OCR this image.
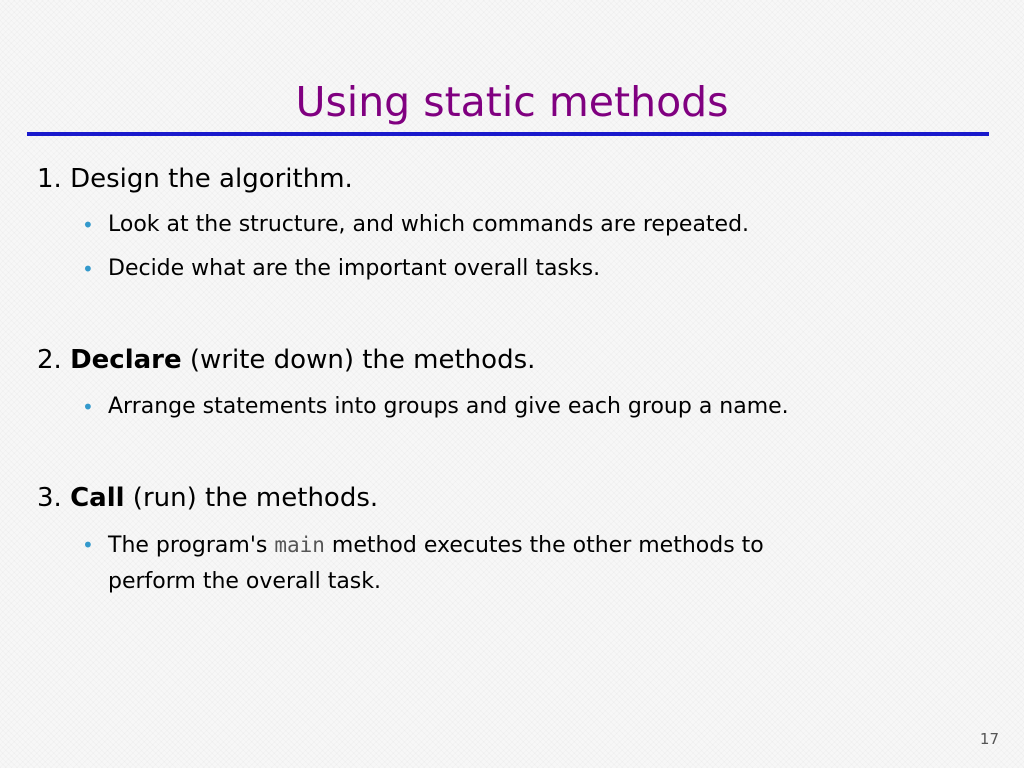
Using static methods
1. Design the algorithm.
• Look at the structure, and which commands are repeated.
• Decide what are the important overall tasks.
2. Declare (write down) the methods.
• Arrange statements into groups and give each group a name.
3. Call (run) the methods.
• The program's main method executes the other methods to
perform the overall task.
17
